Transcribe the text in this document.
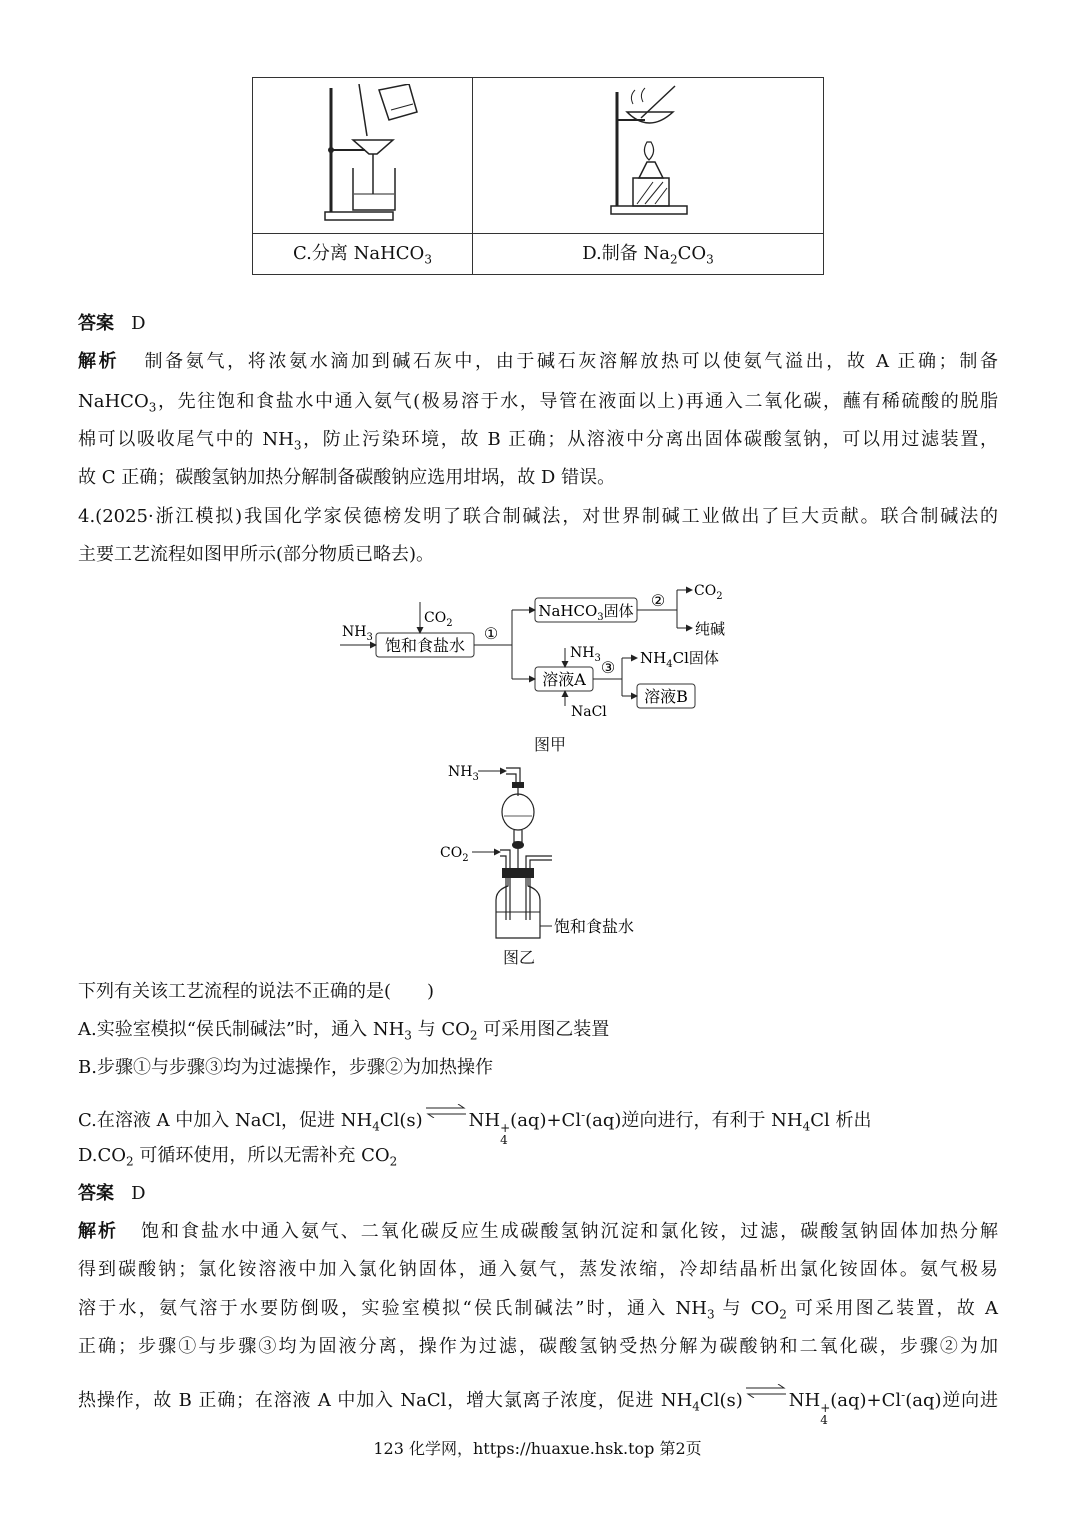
C.分离 NaHCO$_3$	D.制备 $Na_2CO_3$
答案 D
解析 制备氨气，将浓氨水滴加到碱石灰中，由于碱石灰溶解放热可以使氨气溢出，故 A 正确；制备
NaHCO$_3$，先往饱和食盐水中通入氨气(极易溶于水，导管在液面以上)再通入二氧化碳，蘸有稀硫酸的脱脂
棉可以吸收尾气中的 $NH_3$，防止污染环境，故 B 正确；从溶液中分离出固体碳酸氢钠，可以用过滤装置，
故 C 正确；碳酸氢钠加热分解制备碳酸钠应选用坩埚，故 D 错误。
4.(2025·浙江模拟)我国化学家侯德榜发明了联合制碱法，对世界制碱工业做出了巨大贡献。联合制碱法的
主要工艺流程如图甲所示(部分物质已略去)。
$NH_3$
$CO_2$
饱和食盐水
①
NaHCO$_3$固体
② $CO_2$
纯碱
$NH_3$
溶液A
③
NaCl
$NH_4Cl$固体
溶液B
图甲
$NH_3$
$CO_2$
饱和食盐水
图乙
下列有关该工艺流程的说法不正确的是(　　)
A.实验室模拟“侯氏制碱法”时，通入 $NH_3$ 与 $CO_2$ 可采用图乙装置
B.步骤①与步骤③均为过滤操作，步骤②为加热操作
C.在溶液 A 中加入 NaCl，促进 $NH_4Cl(s)\rightleftharpoons NH$ +
4
(aq)+Cl-(aq)逆向进行，有利于 $NH_4Cl$ 析出
$D.CO_2$ 可循环使用，所以无需补充 $CO_2$
答案 D
解析 饱和食盐水中通入氨气、二氧化碳反应生成碳酸氢钠沉淀和氯化铵，过滤，碳酸氢钠固体加热分解
得到碳酸钠；氯化铵溶液中加入氯化钠固体，通入氨气，蒸发浓缩，冷却结晶析出氯化铵固体。氨气极易
溶于水，氨气溶于水要防倒吸，实验室模拟“侯氏制碱法”时，通入 $NH_3$ 与 $CO_2$ 可采用图乙装置，故 A
正确；步骤①与步骤③均为固液分离，操作为过滤，碳酸氢钠受热分解为碳酸钠和二氧化碳，步骤②为加
热操作，故 B 正确；在溶液 A 中加入 NaCl，增大氯离子浓度，促进 $NH_4Cl(s)\rightleftharpoons NH$ +
4
(aq)+Cl-(aq)逆向进
123 化学网，https://huaxue.hsk.top 第2页
